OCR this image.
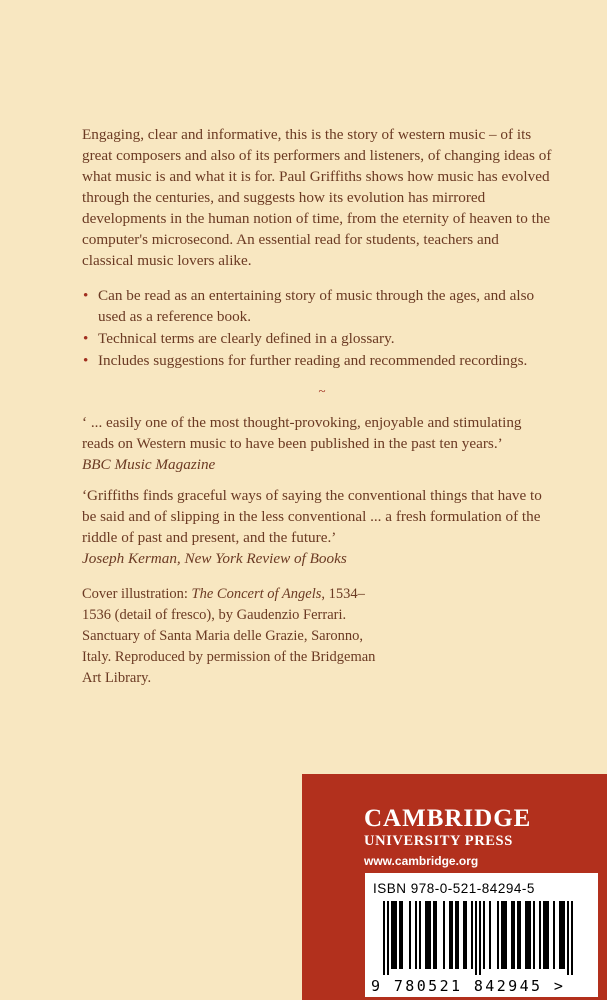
Engaging, clear and informative, this is the story of western music – of its great composers and also of its performers and listeners, of changing ideas of what music is and what it is for. Paul Griffiths shows how music has evolved through the centuries, and suggests how its evolution has mirrored developments in the human notion of time, from the eternity of heaven to the computer's microsecond. An essential read for students, teachers and classical music lovers alike.

• Can be read as an entertaining story of music through the ages, and also used as a reference book.
• Technical terms are clearly defined in a glossary.
• Includes suggestions for further reading and recommended recordings.
~

‘ ... easily one of the most thought-provoking, enjoyable and stimulating reads on Western music to have been published in the past ten years.’

BBC Music Magazine

‘Griffiths finds graceful ways of saying the conventional things that have to be said and of slipping in the less conventional ... a fresh formulation of the riddle of past and present, and the future.’

Joseph Kerman, New York Review of Books

Cover illustration: The Concert of Angels, 1534–1536 (detail of fresco), by Gaudenzio Ferrari. Sanctuary of Santa Maria delle Grazie, Saronno, Italy. Reproduced by permission of the Bridgeman Art Library.
CAMBRIDGE
UNIVERSITY PRESS
www.cambridge.org
ISBN 978-0-521-84294-5
9 780521 842945 >
